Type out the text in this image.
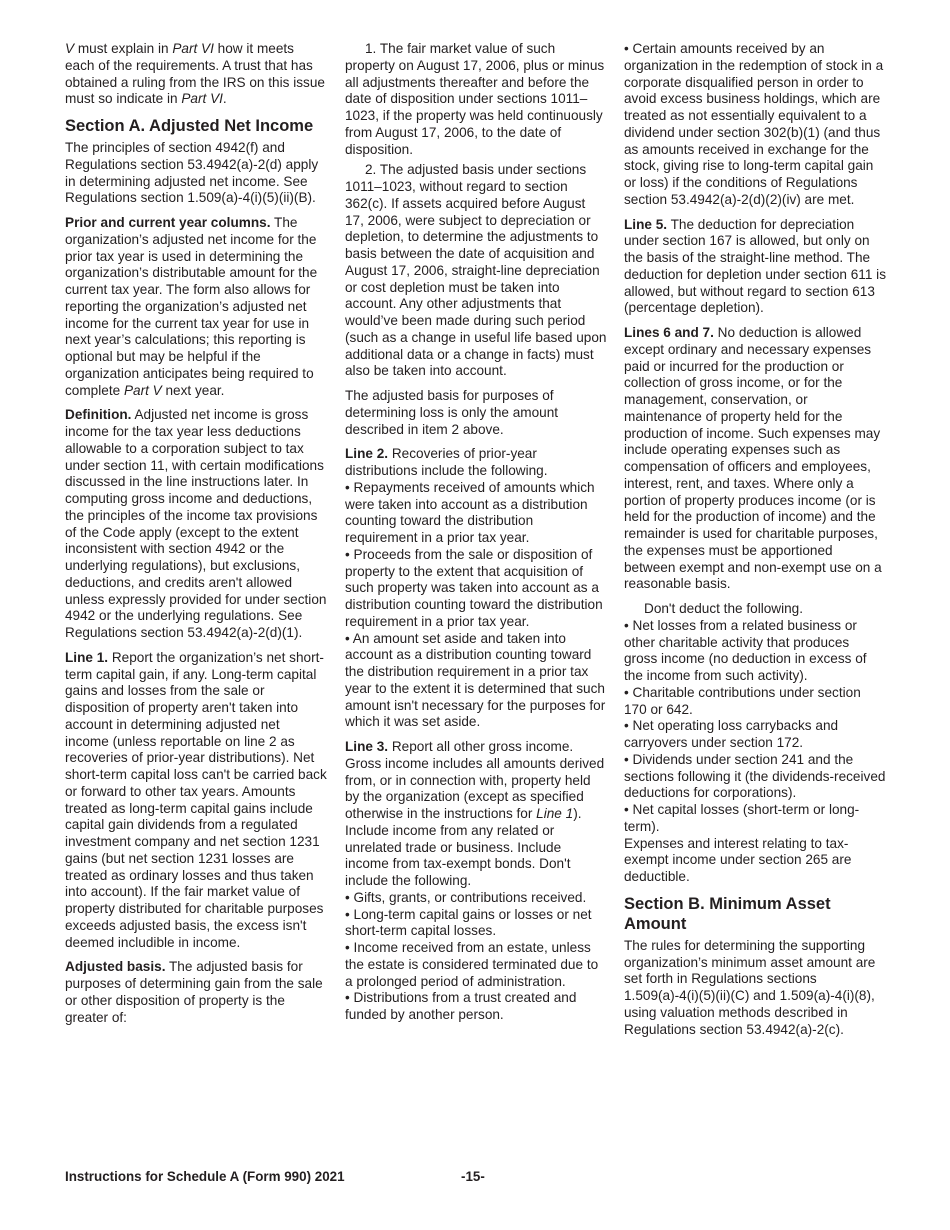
V must explain in Part VI how it meets each of the requirements. A trust that has obtained a ruling from the IRS on this issue must so indicate in Part VI.

Section A. Adjusted Net Income

The principles of section 4942(f) and Regulations section 53.4942(a)-2(d) apply in determining adjusted net income. See Regulations section 1.509(a)-4(i)(5)(ii)(B).

Prior and current year columns. The organization’s adjusted net income for the prior tax year is used in determining the organization’s distributable amount for the current tax year. The form also allows for reporting the organization’s adjusted net income for the current tax year for use in next year’s calculations; this reporting is optional but may be helpful if the organization anticipates being required to complete Part V next year.

Definition. Adjusted net income is gross income for the tax year less deductions allowable to a corporation subject to tax under section 11, with certain modifications discussed in the line instructions later. In computing gross income and deductions, the principles of the income tax provisions of the Code apply (except to the extent inconsistent with section 4942 or the underlying regulations), but exclusions, deductions, and credits aren't allowed unless expressly provided for under section 4942 or the underlying regulations. See Regulations section 53.4942(a)-2(d)(1).

Line 1. Report the organization’s net short-term capital gain, if any. Long-term capital gains and losses from the sale or disposition of property aren't taken into account in determining adjusted net income (unless reportable on line 2 as recoveries of prior-year distributions). Net short-term capital loss can't be carried back or forward to other tax years. Amounts treated as long-term capital gains include capital gain dividends from a regulated investment company and net section 1231 gains (but net section 1231 losses are treated as ordinary losses and thus taken into account). If the fair market value of property distributed for charitable purposes exceeds adjusted basis, the excess isn't deemed includible in income.

Adjusted basis. The adjusted basis for purposes of determining gain from the sale or other disposition of property is the greater of:

1. The fair market value of such property on August 17, 2006, plus or minus all adjustments thereafter and before the date of disposition under sections 1011–1023, if the property was held continuously from August 17, 2006, to the date of disposition.

2. The adjusted basis under sections 1011–1023, without regard to section 362(c). If assets acquired before August 17, 2006, were subject to depreciation or depletion, to determine the adjustments to basis between the date of acquisition and August 17, 2006, straight-line depreciation or cost depletion must be taken into account. Any other adjustments that would’ve been made during such period (such as a change in useful life based upon additional data or a change in facts) must also be taken into account.

The adjusted basis for purposes of determining loss is only the amount described in item 2 above.

Line 2. Recoveries of prior-year distributions include the following.

• Repayments received of amounts which were taken into account as a distribution counting toward the distribution requirement in a prior tax year.

• Proceeds from the sale or disposition of property to the extent that acquisition of such property was taken into account as a distribution counting toward the distribution requirement in a prior tax year.

• An amount set aside and taken into account as a distribution counting toward the distribution requirement in a prior tax year to the extent it is determined that such amount isn't necessary for the purposes for which it was set aside.

Line 3. Report all other gross income. Gross income includes all amounts derived from, or in connection with, property held by the organization (except as specified otherwise in the instructions for Line 1). Include income from any related or unrelated trade or business. Include income from tax-exempt bonds. Don't include the following.

• Gifts, grants, or contributions received.

• Long-term capital gains or losses or net short-term capital losses.

• Income received from an estate, unless the estate is considered terminated due to a prolonged period of administration.

• Distributions from a trust created and funded by another person.

• Certain amounts received by an organization in the redemption of stock in a corporate disqualified person in order to avoid excess business holdings, which are treated as not essentially equivalent to a dividend under section 302(b)(1) (and thus as amounts received in exchange for the stock, giving rise to long-term capital gain or loss) if the conditions of Regulations section 53.4942(a)-2(d)(2)(iv) are met.

Line 5. The deduction for depreciation under section 167 is allowed, but only on the basis of the straight-line method. The deduction for depletion under section 611 is allowed, but without regard to section 613 (percentage depletion).

Lines 6 and 7. No deduction is allowed except ordinary and necessary expenses paid or incurred for the production or collection of gross income, or for the management, conservation, or maintenance of property held for the production of income. Such expenses may include operating expenses such as compensation of officers and employees, interest, rent, and taxes. Where only a portion of property produces income (or is held for the production of income) and the remainder is used for charitable purposes, the expenses must be apportioned between exempt and non-exempt use on a reasonable basis.

Don't deduct the following.

• Net losses from a related business or other charitable activity that produces gross income (no deduction in excess of the income from such activity).

• Charitable contributions under section 170 or 642.

• Net operating loss carrybacks and carryovers under section 172.

• Dividends under section 241 and the sections following it (the dividends-received deductions for corporations).

• Net capital losses (short-term or long-term).

Expenses and interest relating to tax-exempt income under section 265 are deductible.

Section B. Minimum Asset Amount

The rules for determining the supporting organization’s minimum asset amount are set forth in Regulations sections 1.509(a)-4(i)(5)(ii)(C) and 1.509(a)-4(i)(8), using valuation methods described in Regulations section 53.4942(a)-2(c).

Instructions for Schedule A (Form 990) 2021	-15-
